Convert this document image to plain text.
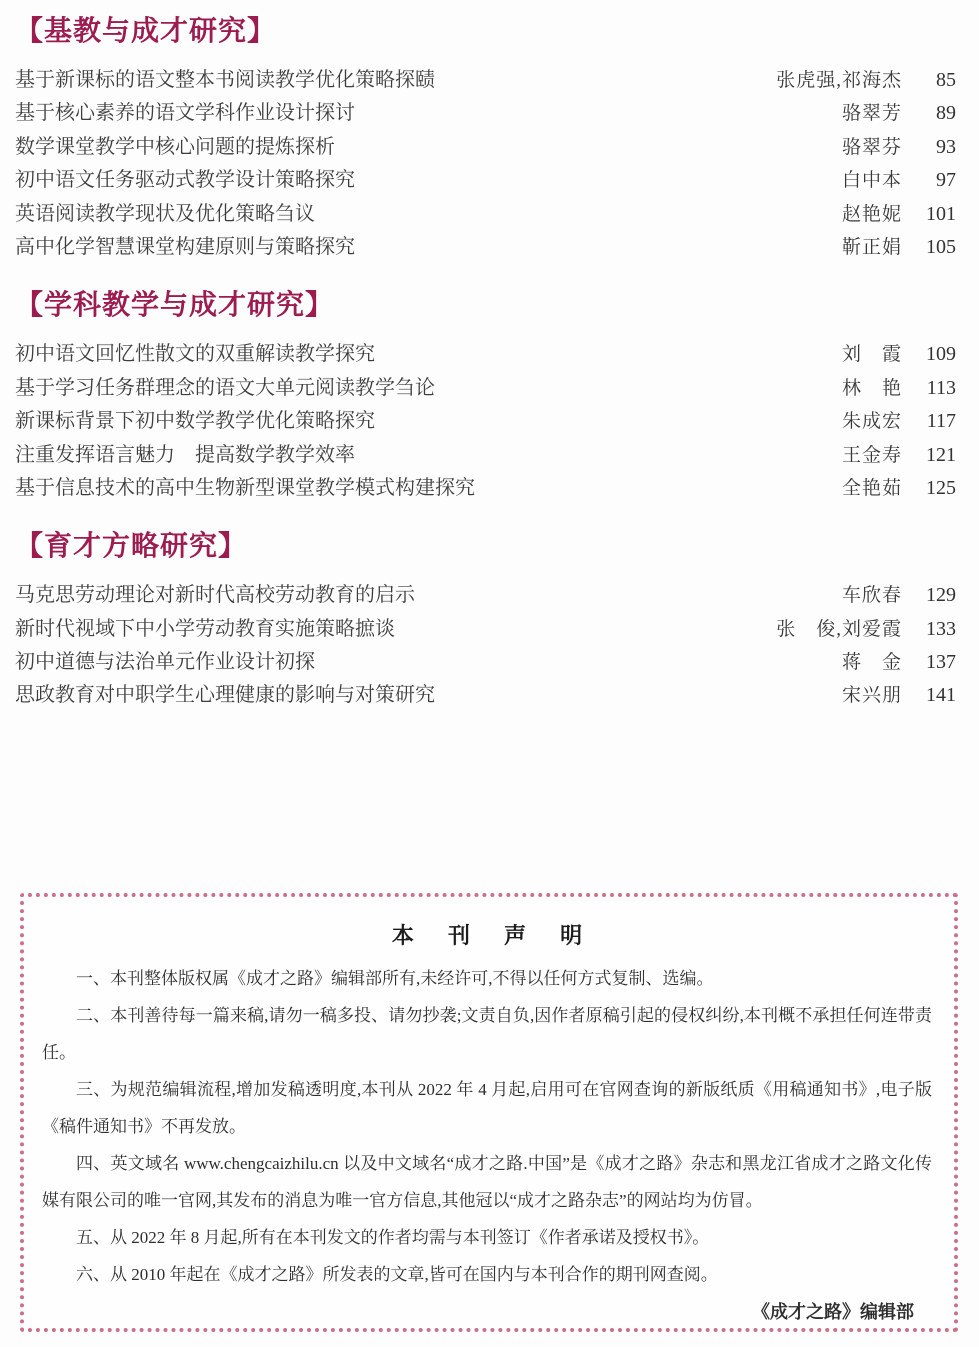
【基教与成才研究】
基于新课标的语文整本书阅读教学优化策略探赜	张虎强,祁海杰	85
基于核心素养的语文学科作业设计探讨	骆翠芳	89
数学课堂教学中核心问题的提炼探析	骆翠芬	93
初中语文任务驱动式教学设计策略探究	白中本	97
英语阅读教学现状及优化策略刍议	赵艳妮	101
高中化学智慧课堂构建原则与策略探究	靳正娟	105
【学科教学与成才研究】
初中语文回忆性散文的双重解读教学探究	刘　霞	109
基于学习任务群理念的语文大单元阅读教学刍论	林　艳	113
新课标背景下初中数学教学优化策略探究	朱成宏	117
注重发挥语言魅力　提高数学教学效率	王金寿	121
基于信息技术的高中生物新型课堂教学模式构建探究	全艳茹	125
【育才方略研究】
马克思劳动理论对新时代高校劳动教育的启示	车欣春	129
新时代视域下中小学劳动教育实施策略摭谈	张　俊,刘爱霞	133
初中道德与法治单元作业设计初探	蒋　金	137
思政教育对中职学生心理健康的影响与对策研究	宋兴朋	141
本 刊 声 明

一、本刊整体版权属《成才之路》编辑部所有,未经许可,不得以任何方式复制、选编。

二、本刊善待每一篇来稿,请勿一稿多投、请勿抄袭;文责自负,因作者原稿引起的侵权纠纷,本刊概不承担任何连带责任。

三、为规范编辑流程,增加发稿透明度,本刊从 2022 年 4 月起,启用可在官网查询的新版纸质《用稿通知书》,电子版《稿件通知书》不再发放。

四、英文域名 www.chengcaizhilu.cn 以及中文域名“成才之路.中国”是《成才之路》杂志和黑龙江省成才之路文化传媒有限公司的唯一官网,其发布的消息为唯一官方信息,其他冠以“成才之路杂志”的网站均为仿冒。

五、从 2022 年 8 月起,所有在本刊发文的作者均需与本刊签订《作者承诺及授权书》。

六、从 2010 年起在《成才之路》所发表的文章,皆可在国内与本刊合作的期刊网查阅。

《成才之路》编辑部
